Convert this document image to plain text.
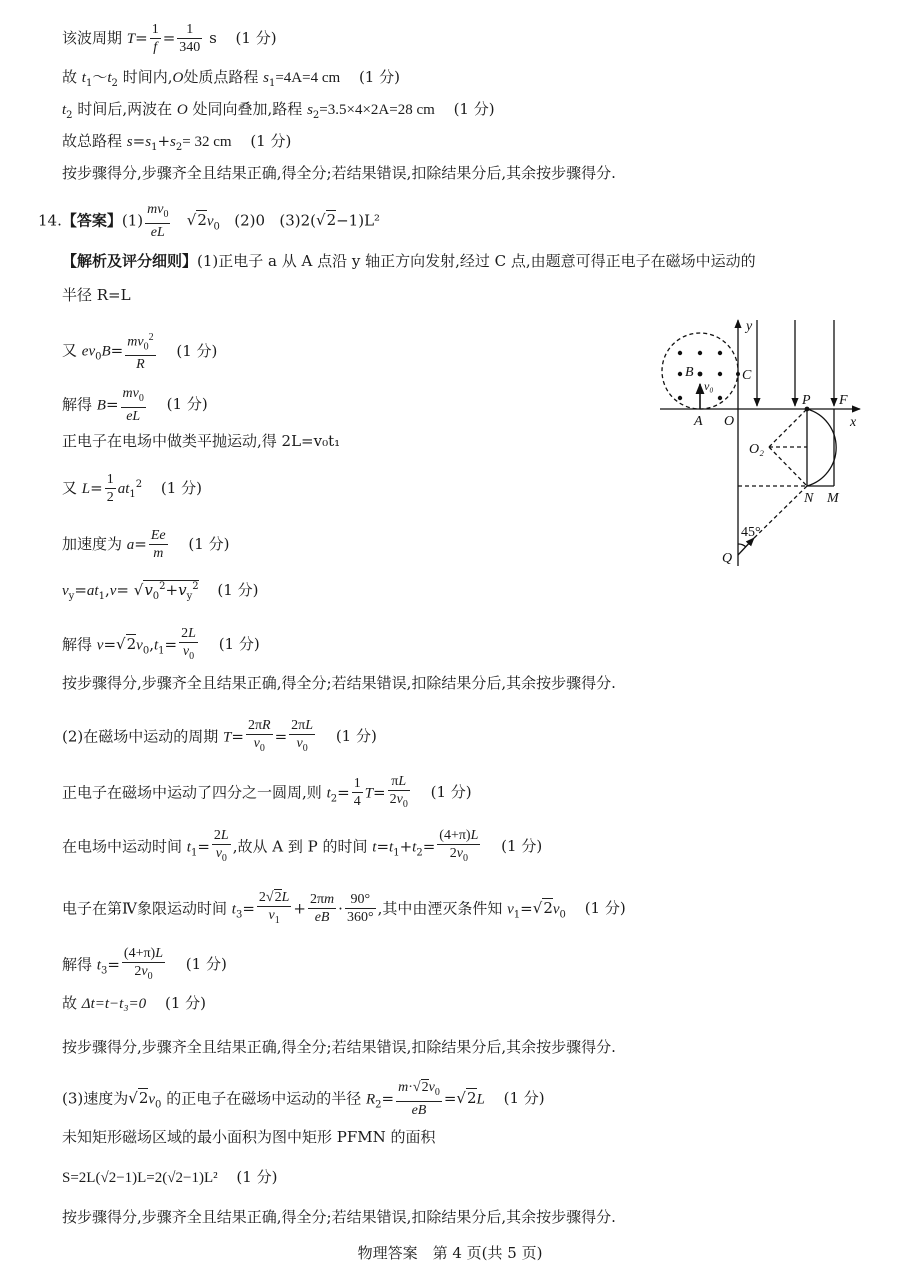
该波周期 $T= \frac{1}{f} = \frac{1}{340}$ s (1 分)
故 $t_1\sim t_2$ 时间内,O处质点路程 $s_1=4A=4$ cm (1 分)
$t_2$ 时间后,两波在 O 处同向叠加,路程 $s_2=3.5\times 4\times 2A=28$ cm (1 分)
故总路程 $s=s_1+s_2= 32$ cm (1 分)
按步骤得分,步骤齐全且结果正确,得全分;若结果错误,扣除结果分后,其余按步骤得分.
14.【答案】$(1) \frac{mv_0}{eL} √2v_0$ (2)0 (3)2(√2−1)L²
【解析及评分细则】(1)正电子 a 从 A 点沿 y 轴正方向发射,经过 C 点,由题意可得正电子在磁场中运动的
半径 R=L
又 $ev_0B= \frac{mv_0^2}{R} (1$ 分)
解得 $B= \frac{mv_0}{eL} (1$ 分)
正电子在电场中做类平抛运动,得 2L=v₀t₁
又 $L= \frac{1}{2} at_1^2$ (1 分)
加速度为 $a= \frac{Ee}{m} (1$ 分)
$v_y=at_1,v= √v_0^2+v_y^2$ (1 分)
解得 $v=√2v_0,t_1= \frac{2L}{v_0} (1$ 分)
按步骤得分,步骤齐全且结果正确,得全分;若结果错误,扣除结果分后,其余按步骤得分.
(2)在磁场中运动的周期 $T= \frac{2\pi R}{v_0} = \frac{2\pi L}{v_0} (1$ 分)
正电子在磁场中运动了四分之一圆周,则 $t_2= \frac{1}{4} T= \frac{\pi L}{2v_0} (1$ 分)
在电场中运动时间 $t_1= \frac{2L}{v_0}$ ,故从 A 到 P 的时间 $t=t_1+t_2= \frac{(4+\pi)L}{2v_0} (1$ 分)
电子在第Ⅳ象限运动时间 $t_3= \frac{2√2L}{v_1} + \frac{2\pi m}{eB} \cdot \frac{90^\circ}{360^\circ}$ ,其中由湮灭条件知 $v_1=√2v_0$ (1 分)
解得 $t_3= \frac{(4+\pi)L}{2v_0} (1$ 分)
故 Δt=t−t₃=0 (1 分)
按步骤得分,步骤齐全且结果正确,得全分;若结果错误,扣除结果分后,其余按步骤得分.
(3)速度为$√2v_0$ 的正电子在磁场中运动的半径 $R_2= \frac{m\cdot√2v_0}{eB} =√2L$ (1 分)
未知矩形磁场区域的最小面积为图中矩形 PFMN 的面积
S=2L(√2−1)L=2(√2−1)L² (1 分)
按步骤得分,步骤齐全且结果正确,得全分;若结果错误,扣除结果分后,其余按步骤得分.
物理答案　第 4 页(共 5 页)
y
x
B
v₀
C
A O
P F
O₂
N M
Q
45°
